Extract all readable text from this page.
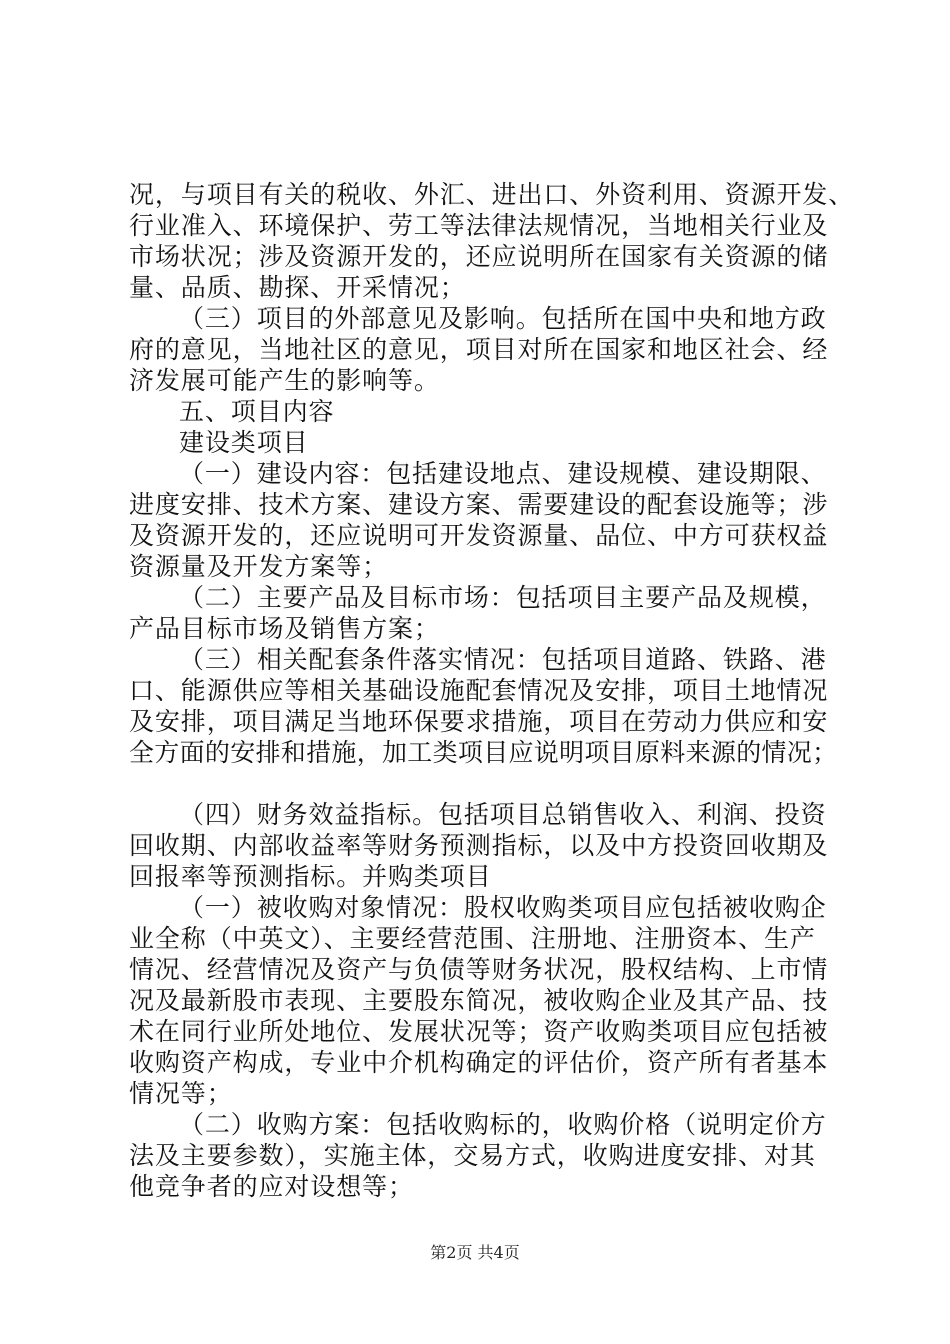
况，与项目有关的税收、外汇、进出口、外资利用、资源开发、
行业准入、环境保护、劳工等法律法规情况，当地相关行业及
市场状况；涉及资源开发的，还应说明所在国家有关资源的储
量、品质、勘探、开采情况；
（三）项目的外部意见及影响。包括所在国中央和地方政
府的意见，当地社区的意见，项目对所在国家和地区社会、经
济发展可能产生的影响等。
五、项目内容
建设类项目
（一）建设内容：包括建设地点、建设规模、建设期限、
进度安排、技术方案、建设方案、需要建设的配套设施等；涉
及资源开发的，还应说明可开发资源量、品位、中方可获权益
资源量及开发方案等；
（二）主要产品及目标市场：包括项目主要产品及规模，
产品目标市场及销售方案；
（三）相关配套条件落实情况：包括项目道路、铁路、港
口、能源供应等相关基础设施配套情况及安排，项目土地情况
及安排，项目满足当地环保要求措施，项目在劳动力供应和安
全方面的安排和措施，加工类项目应说明项目原料来源的情况；
（四）财务效益指标。包括项目总销售收入、利润、投资
回收期、内部收益率等财务预测指标，以及中方投资回收期及
回报率等预测指标。并购类项目
（一）被收购对象情况：股权收购类项目应包括被收购企
业全称（中英文）、主要经营范围、注册地、注册资本、生产
情况、经营情况及资产与负债等财务状况，股权结构、上市情
况及最新股市表现、主要股东简况，被收购企业及其产品、技
术在同行业所处地位、发展状况等；资产收购类项目应包括被
收购资产构成，专业中介机构确定的评估价，资产所有者基本
情况等；
（二）收购方案：包括收购标的，收购价格（说明定价方
法及主要参数），实施主体，交易方式，收购进度安排、对其
他竞争者的应对设想等；
第2页 共4页
